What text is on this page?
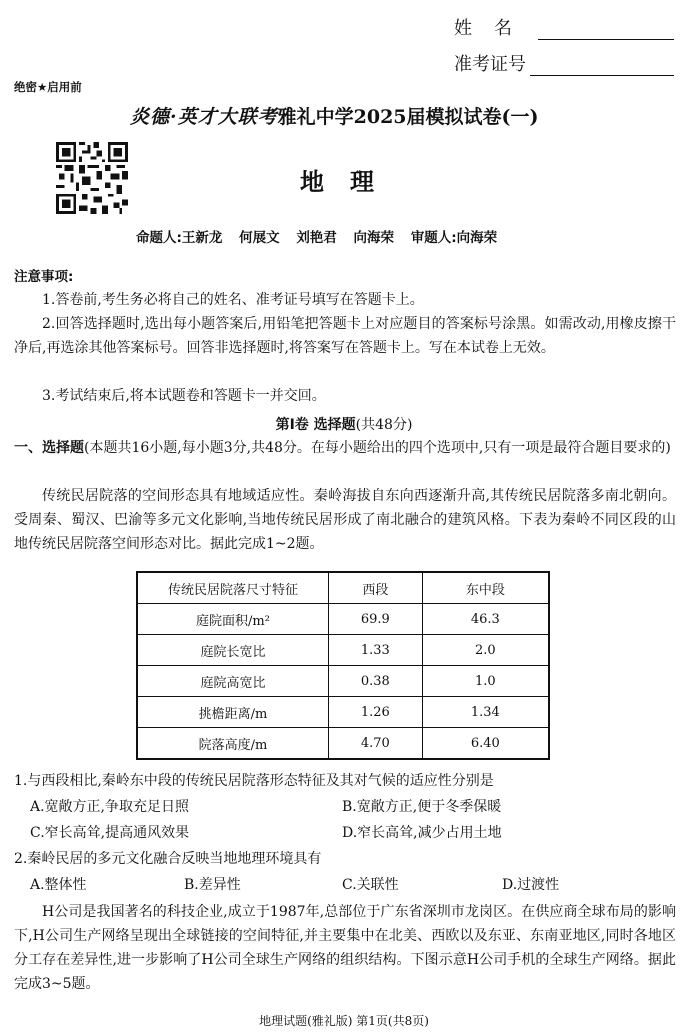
姓名
准考证号
绝密★启用前
炎德·英才大联考雅礼中学2025届模拟试卷(一)
地理
命题人:王新龙 何展文 刘艳君 向海荣 审题人:向海荣
注意事项:
1.答卷前,考生务必将自己的姓名、准考证号填写在答题卡上。
2.回答选择题时,选出每小题答案后,用铅笔把答题卡上对应题目的答案标号涂黑。如需改动,用橡皮擦干净后,再选涂其他答案标号。回答非选择题时,将答案写在答题卡上。写在本试卷上无效。
3.考试结束后,将本试题卷和答题卡一并交回。
第Ⅰ卷 选择题(共48分)
一、选择题(本题共16小题,每小题3分,共48分。在每小题给出的四个选项中,只有一项是最符合题目要求的)
传统民居院落的空间形态具有地域适应性。秦岭海拔自东向西逐渐升高,其传统民居院落多南北朝向。受周秦、蜀汉、巴渝等多元文化影响,当地传统民居形成了南北融合的建筑风格。下表为秦岭不同区段的山地传统民居院落空间形态对比。据此完成1~2题。
传统民居院落尺寸特征	西段	东中段
庭院面积/m²	69.9	46.3
庭院长宽比	1.33	2.0
庭院高宽比	0.38	1.0
挑檐距离/m	1.26	1.34
院落高度/m	4.70	6.40
1.与西段相比,秦岭东中段的传统民居院落形态特征及其对气候的适应性分别是
A.宽敞方正,争取充足日照	B.宽敞方正,便于冬季保暖
C.窄长高耸,提高通风效果	D.窄长高耸,减少占用土地
2.秦岭民居的多元文化融合反映当地地理环境具有
A.整体性	B.差异性	C.关联性	D.过渡性
H公司是我国著名的科技企业,成立于1987年,总部位于广东省深圳市龙岗区。在供应商全球布局的影响下,H公司生产网络呈现出全球链接的空间特征,并主要集中在北美、西欧以及东亚、东南亚地区,同时各地区分工存在差异性,进一步影响了H公司全球生产网络的组织结构。下图示意H公司手机的全球生产网络。据此完成3~5题。
地理试题(雅礼版) 第1页(共8页)
